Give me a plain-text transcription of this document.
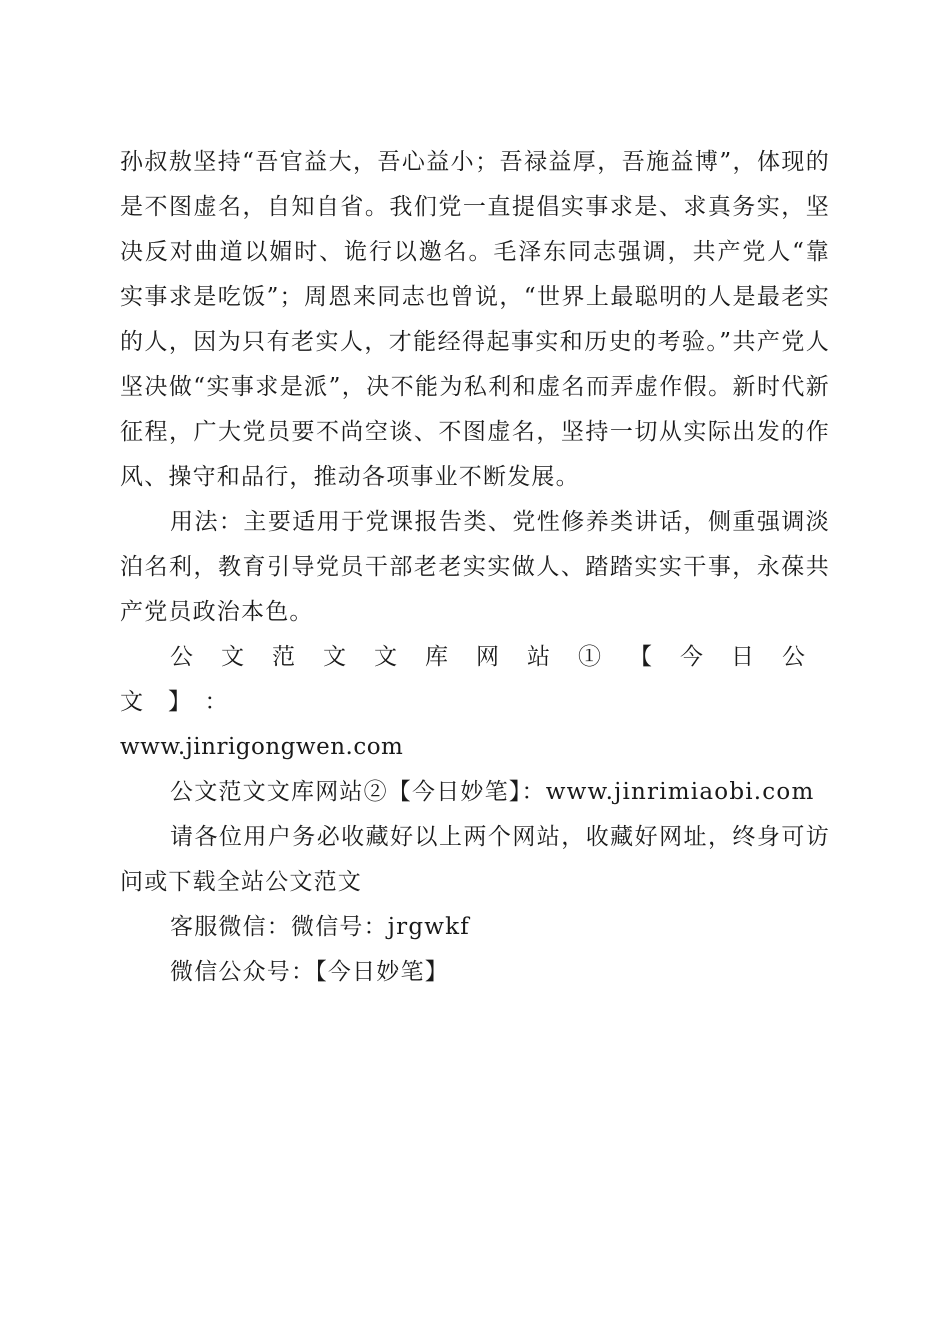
孙叔敖坚持“吾官益大，吾心益小；吾禄益厚，吾施益博”，体现的是不图虚名，自知自省。我们党一直提倡实事求是、求真务实，坚决反对曲道以媚时、诡行以邀名。毛泽东同志强调，共产党人“靠实事求是吃饭”；周恩来同志也曾说，“世界上最聪明的人是最老实的人，因为只有老实人，才能经得起事实和历史的考验。”共产党人坚决做“实事求是派”，决不能为私利和虚名而弄虚作假。新时代新征程，广大党员要不尚空谈、不图虚名，坚持一切从实际出发的作风、操守和品行，推动各项事业不断发展。

用法：主要适用于党课报告类、党性修养类讲话，侧重强调淡泊名利，教育引导党员干部老老实实做人、踏踏实实干事，永葆共产党员政治本色。

公文范文文库网站①【今日公文】：

www.jinrigongwen.com

公文范文文库网站②【今日妙笔】：www.jinrimiaobi.com

请各位用户务必收藏好以上两个网站，收藏好网址，终身可访问或下载全站公文范文

客服微信：微信号：jrgwkf

微信公众号：【今日妙笔】
